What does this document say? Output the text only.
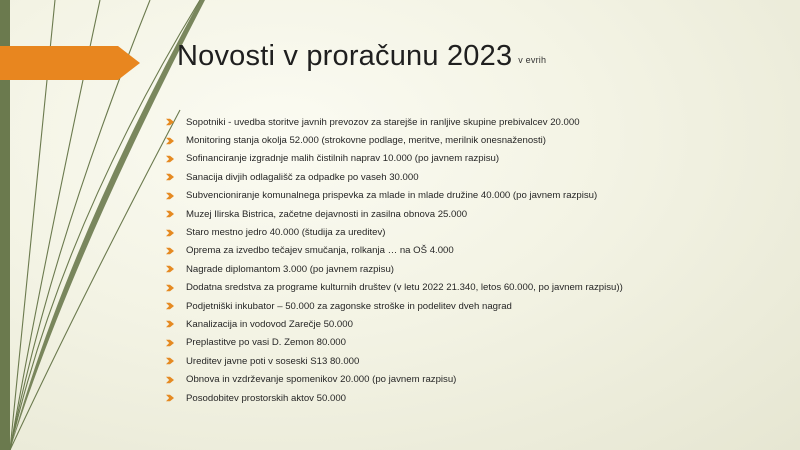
Novosti v proračunu 2023 v evrih
Sopotniki - uvedba storitve javnih prevozov za starejše in ranljive skupine prebivalcev 20.000
Monitoring stanja okolja 52.000 (strokovne podlage, meritve, merilnik onesnaženosti)
Sofinanciranje izgradnje malih čistilnih naprav 10.000 (po javnem razpisu)
Sanacija divjih odlagališč za odpadke po vaseh 30.000
Subvencioniranje komunalnega prispevka za mlade in mlade družine 40.000 (po javnem razpisu)
Muzej Ilirska Bistrica, začetne dejavnosti in zasilna obnova 25.000
Staro mestno jedro 40.000 (študija za ureditev)
Oprema za izvedbo tečajev smučanja, rolkanja … na OŠ 4.000
Nagrade diplomantom 3.000 (po javnem razpisu)
Dodatna sredstva za programe kulturnih društev (v letu 2022 21.340, letos 60.000, po javnem razpisu))
Podjetniški inkubator – 50.000 za zagonske stroške in podelitev dveh nagrad
Kanalizacija in vodovod Zarečje 50.000
Preplastitve po vasi D. Zemon 80.000
Ureditev javne poti v soseski S13 80.000
Obnova in vzdrževanje spomenikov 20.000 (po javnem razpisu)
Posodobitev prostorskih aktov 50.000
